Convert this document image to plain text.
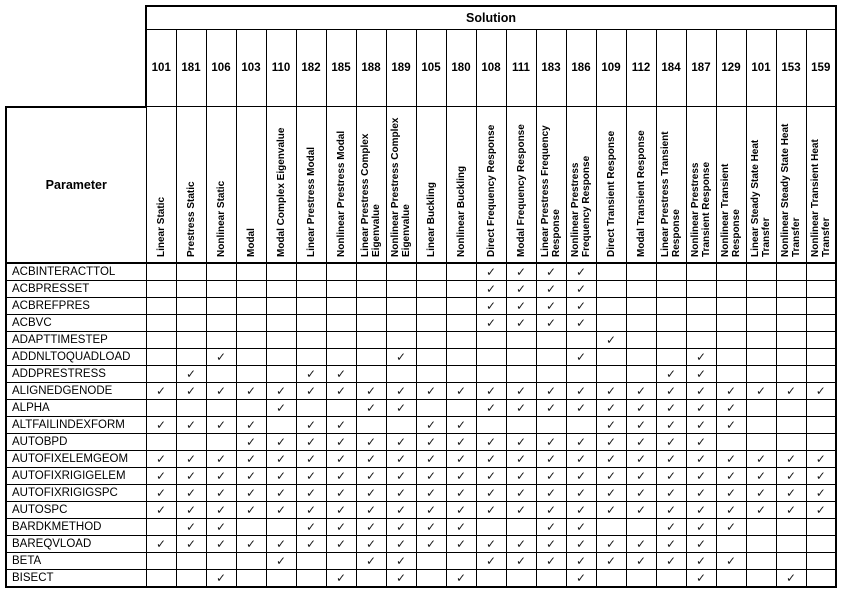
	Solution																						
	101	181	106	103	110	182	185	188	189	105	180	108	111	183	186	109	112	184	187	129	101	153	159
Parameter	Linear Static	Prestress Static	Nonlinear Static	Modal	Modal Complex Eigenvalue	Linear Prestress Modal	Nonlinear Prestress Modal	Linear Prestress Complex Eigenvalue	Nonlinear Prestress Complex Eigenvalue	Linear Buckling	Nonlinear Buckling	Direct Frequency Response	Modal Frequency Response	Linear Prestress Frequency Response	Nonlinear Prestress Frequency Response	Direct Transient Response	Modal Transient Response	Linear Prestress Transient Response	Nonlinear Prestress Transient Response	Nonlinear Transient Response	Linear Steady State Heat Transfer	Nonlinear Steady State Heat Transfer	Nonlinear Transient Heat Transfer

ACBINTERACTTOL												✓	✓	✓	✓								
ACBPRESSET												✓	✓	✓	✓								
ACBREFPRES												✓	✓	✓	✓								
ACBVC												✓	✓	✓	✓								
ADAPTTIMESTEP																✓							
ADDNLTOQUADLOAD			✓						✓						✓				✓				
ADDPRESTRESS		✓				✓	✓											✓	✓				
ALIGNEDGENODE	✓	✓	✓	✓	✓	✓	✓	✓	✓	✓	✓	✓	✓	✓	✓	✓	✓	✓	✓	✓	✓	✓	✓
ALPHA					✓			✓	✓			✓	✓	✓	✓	✓	✓	✓	✓	✓			
ALTFAILINDEXFORM	✓	✓	✓	✓		✓	✓			✓	✓					✓	✓	✓	✓	✓			
AUTOBPD				✓	✓	✓	✓	✓	✓	✓	✓	✓	✓	✓	✓	✓	✓	✓	✓				
AUTOFIXELEMGEOM	✓	✓	✓	✓	✓	✓	✓	✓	✓	✓	✓	✓	✓	✓	✓	✓	✓	✓	✓	✓	✓	✓	✓
AUTOFIXRIGIGELEM	✓	✓	✓	✓	✓	✓	✓	✓	✓	✓	✓	✓	✓	✓	✓	✓	✓	✓	✓	✓	✓	✓	✓
AUTOFIXRIGIGSPC	✓	✓	✓	✓	✓	✓	✓	✓	✓	✓	✓	✓	✓	✓	✓	✓	✓	✓	✓	✓	✓	✓	✓
AUTOSPC	✓	✓	✓	✓	✓	✓	✓	✓	✓	✓	✓	✓	✓	✓	✓	✓	✓	✓	✓	✓	✓	✓	✓
BARDKMETHOD		✓	✓			✓	✓	✓	✓	✓	✓			✓	✓			✓	✓	✓			
BAREQVLOAD	✓	✓	✓	✓	✓	✓	✓	✓	✓	✓	✓	✓	✓	✓	✓	✓	✓	✓	✓				
BETA					✓			✓	✓			✓	✓	✓	✓	✓	✓	✓	✓	✓			
BISECT			✓				✓		✓		✓				✓				✓			✓	
